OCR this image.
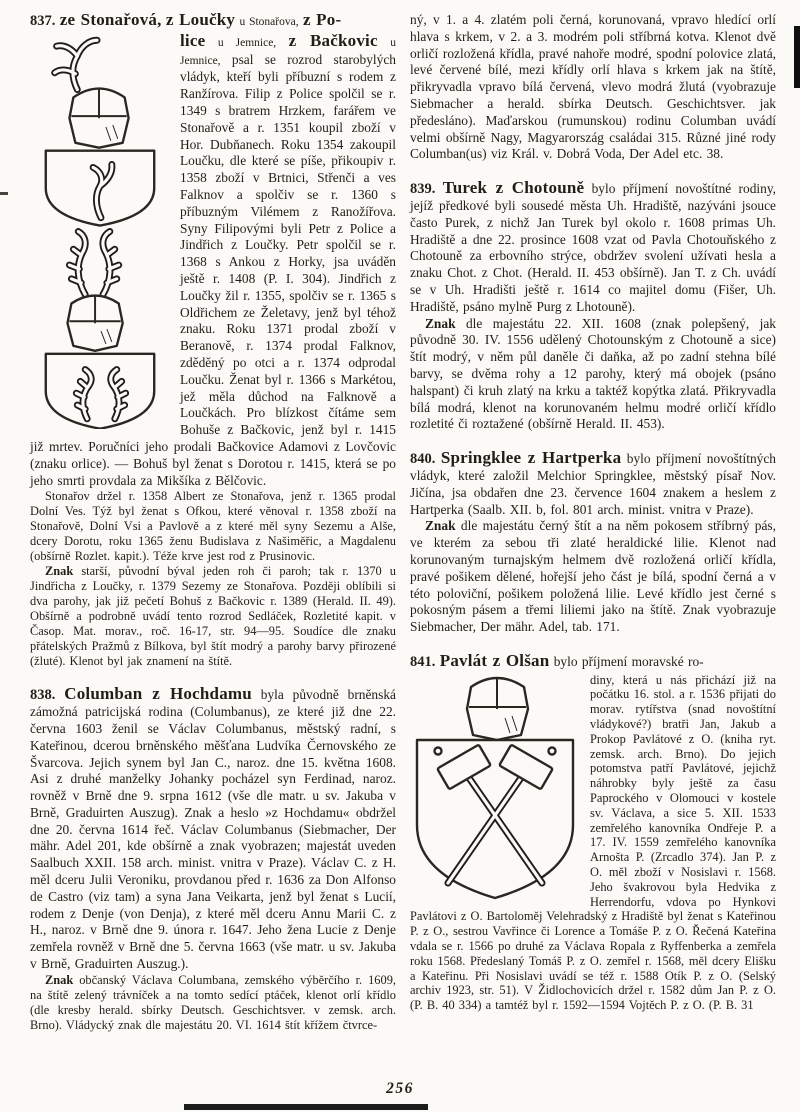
837. ze Stonařová, z Loučky u Stonařova, z Po-

lice u Jemnice, z Bačkovic u Jemnice, psal se rozrod starobylých vládyk, kteří byli příbuzní s rodem z Ranžírova. Filip z Police spolčil se r. 1349 s bratrem Hrzkem, farářem ve Stonařově a r. 1351 koupil zboží v Hor. Dubňanech. Roku 1354 zakoupil Loučku, dle které se píše, přikoupiv r. 1358 zboží v Brtnici, Střenči a ves Falknov a spolčiv se r. 1360 s příbuzným Vilémem z Ranožířova. Syny Filipovými byli Petr z Police a Jindřich z Loučky. Petr spolčil se r. 1368 s Ankou z Horky, jsa uváděn ještě r. 1408 (P. I. 304). Jindřich z Loučky žil r. 1355, spolčiv se r. 1365 s Oldřichem ze Želetavy, jenž byl téhož znaku. Roku 1371 prodal zboží v Beranově, r. 1374 prodal Falknov, zděděný po otci a r. 1374 odprodal Loučku. Ženat byl r. 1366 s Markétou, jež měla důchod na Falknově a Loučkách. Pro blízkost čítáme sem Bohuše z Bačkovic, jenž byl r. 1415 již mrtev. Poručníci jeho prodali Bačkovice Adamovi z Lovčovic (znaku orlice). — Bohuš byl ženat s Dorotou r. 1415, která se po jeho smrti provdala za Mikšíka z Bělčovic.

Stonařov držel r. 1358 Albert ze Stonařova, jenž r. 1365 prodal Dolní Ves. Týž byl ženat s Ofkou, které věnoval r. 1358 zboží na Stonařově, Dolní Vsi a Pavlově a z které měl syny Sezemu a Alše, dcery Dorotu, roku 1365 ženu Budislava z Našiměřic, a Magdalenu (obšírně Rozlet. kapit.). Téže krve jest rod z Prusinovic.

Znak starší, původní býval jeden roh či paroh; tak r. 1370 u Jindřicha z Loučky, r. 1379 Sezemy ze Stonařova. Později oblíbili si dva parohy, jak již pečetí Bohuš z Bačkovic r. 1389 (Herald. II. 49). Obšírně a podrobně uvádí tento rozrod Sedláček, Rozletité kapit. v Časop. Mat. morav., roč. 16-17, str. 94—95. Soudíce dle znaku přátelských Pražmů z Bílkova, byl štít modrý a parohy barvy přirozené (žluté). Klenot byl jak znamení na štítě.

838. Columban z Hochdamu byla původně brněnská zámožná patricijská rodina (Columbanus), ze které již dne 22. června 1603 ženil se Václav Columbanus, městský radní, s Kateřinou, dcerou brněnského měšťana Ludvíka Černovského ze Švarcova. Jejich synem byl Jan C., naroz. dne 15. května 1608. Asi z druhé manželky Johanky pocházel syn Ferdinad, naroz. rovněž v Brně dne 9. srpna 1612 (vše dle matr. u sv. Jakuba v Brně, Graduirten Auszug). Znak a heslo »z Hochdamu« obdržel dne 20. června 1614 řeč. Václav Columbanus (Siebmacher, Der mähr. Adel 201, kde obšírně a znak vyobrazen; majestát uveden Saalbuch XXII. 158 arch. minist. vnitra v Praze). Václav C. z H. měl dceru Julii Veroniku, provdanou před r. 1636 za Don Alfonso de Castro (viz tam) a syna Jana Veikarta, jenž byl ženat s Lucií, rodem z Denje (von Denja), z které měl dceru Annu Marii C. z H., naroz. v Brně dne 9. února r. 1647. Jeho žena Lucie z Denje zemřela rovněž v Brně dne 5. června 1663 (vše matr. u sv. Jakuba v Brně, Graduirten Auszug.).

Znak občanský Václava Columbana, zemského výběrčího r. 1609, na štítě zelený trávníček a na tomto sedící ptáček, klenot orlí křídlo (dle kresby herald. sbírky Deutsch. Geschichtsver. v zemsk. arch. Brno). Vládycký znak dle majestátu 20. VI. 1614 štít křížem čtvrce-

ný, v 1. a 4. zlatém poli černá, korunovaná, vpravo hledící orlí hlava s krkem, v 2. a 3. modrém poli stříbrná kotva. Klenot dvě orličí rozložená křídla, pravé nahoře modré, spodní polovice zlatá, levé červené bílé, mezi křídly orlí hlava s krkem jak na štítě, přikryvadla vpravo bílá červená, vlevo modrá žlutá (vyobrazuje Siebmacher a herald. sbírka Deutsch. Geschichtsver. jak předesláno). Maďarskou (rumunskou) rodinu Columban uvádí velmi obšírně Nagy, Magyarország családai 315. Různé jiné rody Columban(us) viz Král. v. Dobrá Voda, Der Adel etc. 38.

839. Turek z Chotouně bylo příjmení novoštítné rodiny, jejíž předkové byli sousedé města Uh. Hradiště, nazýváni jsouce často Purek, z nichž Jan Turek byl okolo r. 1608 primas Uh. Hradiště a dne 22. prosince 1608 vzat od Pavla Chotouňského z Chotouně za erbovního strýce, obdržev svolení užívati hesla a znaku Chot. z Chot. (Herald. II. 453 obšírně). Jan T. z Ch. uvádí se v Uh. Hradišti ještě r. 1614 co majitel domu (Fišer, Uh. Hradiště, psáno mylně Purg z Lhotouně).

Znak dle majestátu 22. XII. 1608 (znak polepšený, jak původně 30. IV. 1556 udělený Chotounským z Chotouně a sice) štít modrý, v něm půl daněle či daňka, až po zadní stehna bílé barvy, se dvěma rohy a 12 parohy, který má obojek (psáno halspant) či kruh zlatý na krku a taktéž kopýtka zlatá. Přikryvadla bílá modrá, klenot na korunovaném helmu modré orličí křídlo rozletité či roztažené (obšírně Herald. II. 453).

840. Springklee z Hartperka bylo příjmení novoštítných vládyk, které založil Melchior Springklee, městský písař Nov. Jičína, jsa obdařen dne 23. července 1604 znakem a heslem z Hartperka (Saalb. XII. b, fol. 801 arch. minist. vnitra v Praze).

Znak dle majestátu černý štít a na něm pokosem stříbrný pás, ve kterém za sebou tři zlaté heraldické lilie. Klenot nad korunovaným turnajským helmem dvě rozložená orličí křídla, pravé pošikem dělené, hořejší jeho část je bílá, spodní černá a v této poloviční, pošikem položená lilie. Levé křídlo jest černé s pokosným pásem a třemi liliemi jako na štítě. Znak vyobrazuje Siebmacher, Der mähr. Adel, tab. 171.

841. Pavlát z Olšan bylo příjmení moravské ro-

diny, která u nás přichází již na počátku 16. stol. a r. 1536 přijati do morav. rytířstva (snad novoštítní vládykové?) bratři Jan, Jakub a Prokop Pavlátové z O. (kniha ryt. zemsk. arch. Brno). Do jejich potomstva patří Pavlátové, jejichž náhrobky byly ještě za času Paprockého v Olomouci v kostele sv. Václava, a sice 5. XII. 1533 zemřelého kanovníka Ondřeje P. a 17. IV. 1559 zemřelého kanovníka Arnošta P. (Zrcadlo 374). Jan P. z O. měl zboží v Nosislavi r. 1568. Jeho švakrovou byla Hedvika z Herrendorfu, vdova po Hynkovi Pavlátovi z O. Bartoloměj Velehradský z Hradiště byl ženat s Kateřinou P. z O., sestrou Vavřince či Lorence a Tomáše P. z O. Řečená Kateřina vdala se r. 1566 po druhé za Václava Ropala z Ryffenberka a zemřela roku 1568. Předeslaný Tomáš P. z O. zemřel r. 1568, měl dcery Elišku a Kateřinu. Při Nosislavi uvádí se též r. 1588 Otík P. z O. (Selský archiv 1923, str. 51). V Židlochovicích držel r. 1582 dům Jan P. z O. (P. B. 40 334) a tamtéž byl r. 1592—1594 Vojtěch P. z O. (P. B. 31

256
